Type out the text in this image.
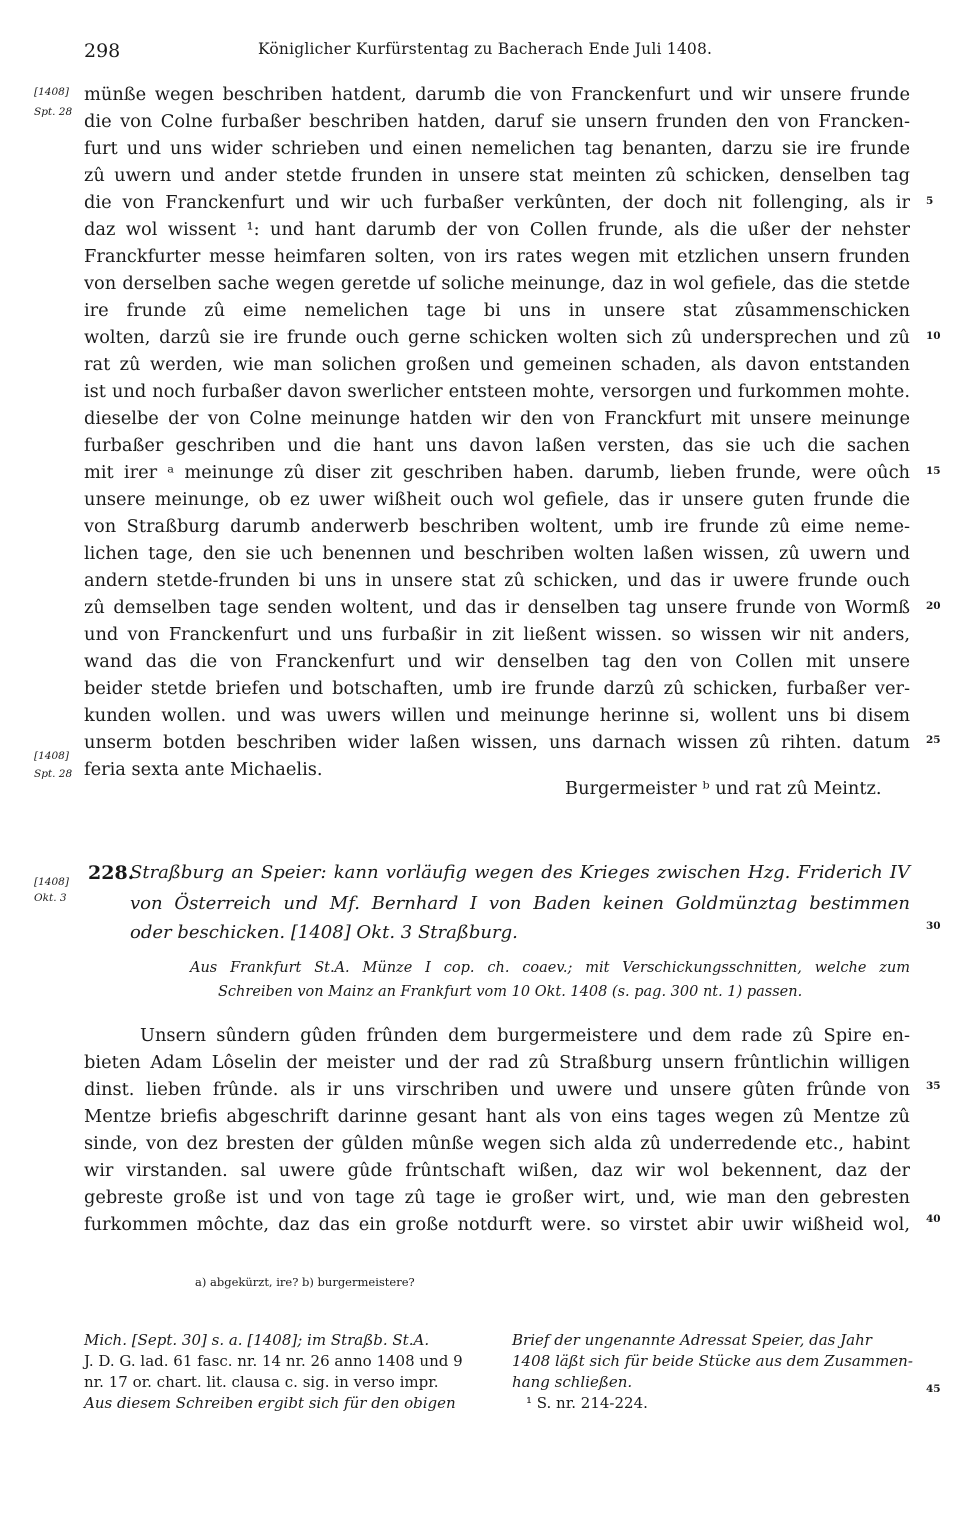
298	Königlicher Kurfürstentag zu Bacherach Ende Juli 1408.
[1408]
Spt. 28
münße wegen beschriben hatdent, darumb die von Franckenfurt und wir unsere frunde
die von Colne furbaßer beschriben hatden, daruf sie unsern frunden den von Francken-
furt und uns wider schrieben und einen nemelichen tag benanten, darzu sie ire frunde
zû uwern und ander stetde frunden in unsere stat meinten zû schicken, denselben tag
die von Franckenfurt und wir uch furbaßer verkûnten, der doch nit follenging, als ir
daz wol wissent ¹: und hant darumb der von Collen frunde, als die ußer der nehster
Franckfurter messe heimfaren solten, von irs rates wegen mit etzlichen unsern frunden
von derselben sache wegen geretde uf soliche meinunge, daz in wol gefiele, das die stetde
ire frunde zû eime nemelichen tage bi uns in unsere stat zûsammenschicken
wolten, darzû sie ire frunde ouch gerne schicken wolten sich zû undersprechen und zû
rat zû werden, wie man solichen großen und gemeinen schaden, als davon entstanden
ist und noch furbaßer davon swerlicher entsteen mohte, versorgen und furkommen mohte.
dieselbe der von Colne meinunge hatden wir den von Franckfurt mit unsere meinunge
furbaßer geschriben und die hant uns davon laßen versten, das sie uch die sachen
mit irer ᵃ meinunge zû diser zit geschriben haben. darumb, lieben frunde, were oûch
unsere meinunge, ob ez uwer wißheit ouch wol gefiele, das ir unsere guten frunde die
von Straßburg darumb anderwerb beschriben woltent, umb ire frunde zû eime neme-
lichen tage, den sie uch benennen und beschriben wolten laßen wissen, zû uwern und
andern stetde-frunden bi uns in unsere stat zû schicken, und das ir uwere frunde ouch
zû demselben tage senden woltent, und das ir denselben tag unsere frunde von Wormß
und von Franckenfurt und uns furbaßir in zit ließent wissen. so wissen wir nit anders,
wand das die von Franckenfurt und wir denselben tag den von Collen mit unsere
beider stetde briefen und botschaften, umb ire frunde darzû zû schicken, furbaßer ver-
kunden wollen. und was uwers willen und meinunge herinne si, wollent uns bi disem
unserm botden beschriben wider laßen wissen, uns darnach wissen zû rihten. datum
feria sexta ante Michaelis.
[1408]
Spt. 28
Burgermeister ᵇ und rat zû Meintz.
5
10
15
20
25
30
35
40
45
[1408]
Okt. 3
228.
Straßburg an Speier: kann vorläufig wegen des Krieges zwischen Hzg. Friderich IV
von Österreich und Mf. Bernhard I von Baden keinen Goldmünztag bestimmen
oder beschicken. [1408] Okt. 3 Straßburg.
Aus Frankfurt St.A. Münze I cop. ch. coaev.; mit Verschickungsschnitten, welche zum
Schreiben von Mainz an Frankfurt vom 10 Okt. 1408 (s. pag. 300 nt. 1) passen.
Unsern sûndern gûden frûnden dem burgermeistere und dem rade zû Spire en-
bieten Adam Lôselin der meister und der rad zû Straßburg unsern frûntlichin willigen
dinst. lieben frûnde. als ir uns virschriben und uwere und unsere gûten frûnde von
Mentze briefis abgeschrift darinne gesant hant als von eins tages wegen zû Mentze zû
sinde, von dez bresten der gûlden mûnße wegen sich alda zû underredende etc., habint
wir virstanden. sal uwere gûde frûntschaft wißen, daz wir wol bekennent, daz der
gebreste große ist und von tage zû tage ie großer wirt, und, wie man den gebresten
furkommen môchte, daz das ein große notdurft were. so virstet abir uwir wißheid wol,
a) abgekürzt, ire? b) burgermeistere?
Mich. [Sept. 30] s. a. [1408]; im Straßb. St.A.
J. D. G. lad. 61 fasc. nr. 14 nr. 26 anno 1408 und 9
nr. 17 or. chart. lit. clausa c. sig. in verso impr.
Aus diesem Schreiben ergibt sich für den obigen
Brief der ungenannte Adressat Speier, das Jahr
1408 läßt sich für beide Stücke aus dem Zusammen-
hang schließen.
¹ S. nr. 214-224.
